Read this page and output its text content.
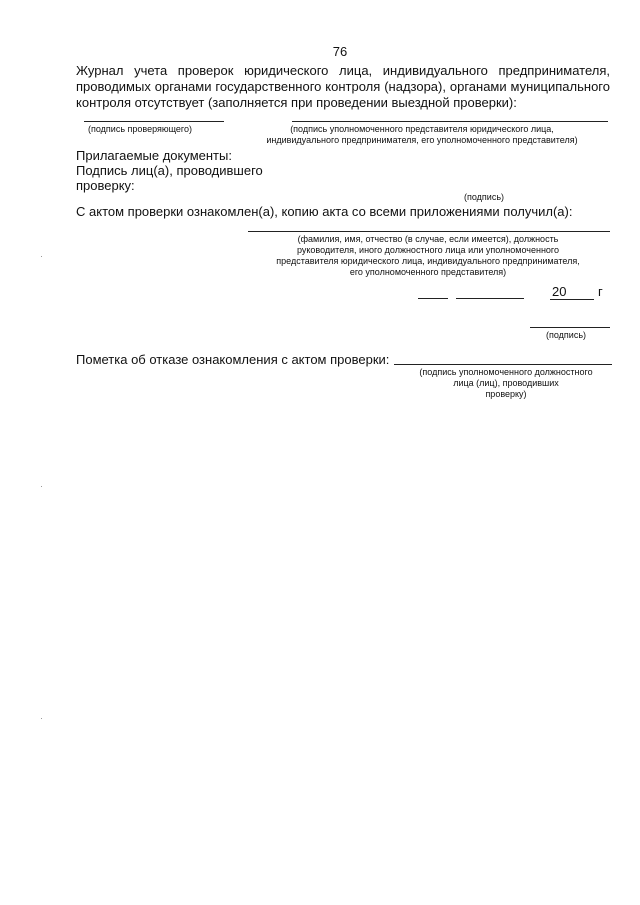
76
Журнал учета проверок юридического лица, индивидуального предпринимателя,
проводимых органами государственного контроля (надзора), органами муниципального
контроля отсутствует (заполняется при проведении выездной проверки):
(подпись проверяющего)	(подпись уполномоченного представителя юридического лица,
индивидуального предпринимателя, его уполномоченного представителя)
Прилагаемые документы:
Подпись лиц(а), проводившего
проверку:
(подпись)
С актом проверки ознакомлен(а), копию акта со всеми приложениями получил(а):
(фамилия, имя, отчество (в случае, если имеется), должность
руководителя, иного должностного лица или уполномоченного
представителя юридического лица, индивидуального предпринимателя,
его уполномоченного представителя)
20 г
(подпись)
Пометка об отказе ознакомления с актом проверки:
(подпись уполномоченного должностного
лица (лиц), проводивших
проверку)
